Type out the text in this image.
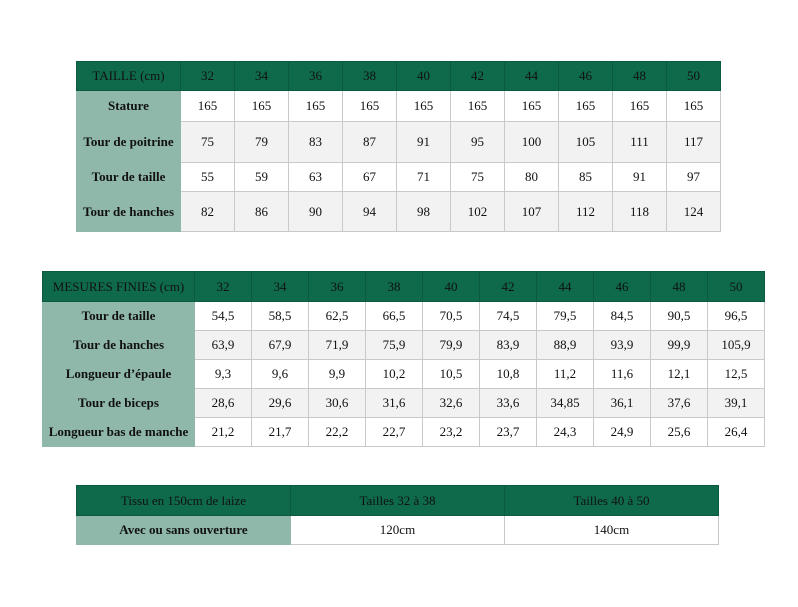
TAILLE (cm)	32	34	36	38	40	42	44	46	48	50
Stature	165	165	165	165	165	165	165	165	165	165
Tour de poitrine	75	79	83	87	91	95	100	105	111	117
Tour de taille	55	59	63	67	71	75	80	85	91	97
Tour de hanches	82	86	90	94	98	102	107	112	118	124
MESURES FINIES (cm)	32	34	36	38	40	42	44	46	48	50
Tour de taille	54,5	58,5	62,5	66,5	70,5	74,5	79,5	84,5	90,5	96,5
Tour de hanches	63,9	67,9	71,9	75,9	79,9	83,9	88,9	93,9	99,9	105,9
Longueur d’épaule	9,3	9,6	9,9	10,2	10,5	10,8	11,2	11,6	12,1	12,5
Tour de biceps	28,6	29,6	30,6	31,6	32,6	33,6	34,85	36,1	37,6	39,1
Longueur bas de manche	21,2	21,7	22,2	22,7	23,2	23,7	24,3	24,9	25,6	26,4
Tissu en 150cm de laize	Tailles 32 à 38	Tailles 40 à 50
Avec ou sans ouverture	120cm	140cm
